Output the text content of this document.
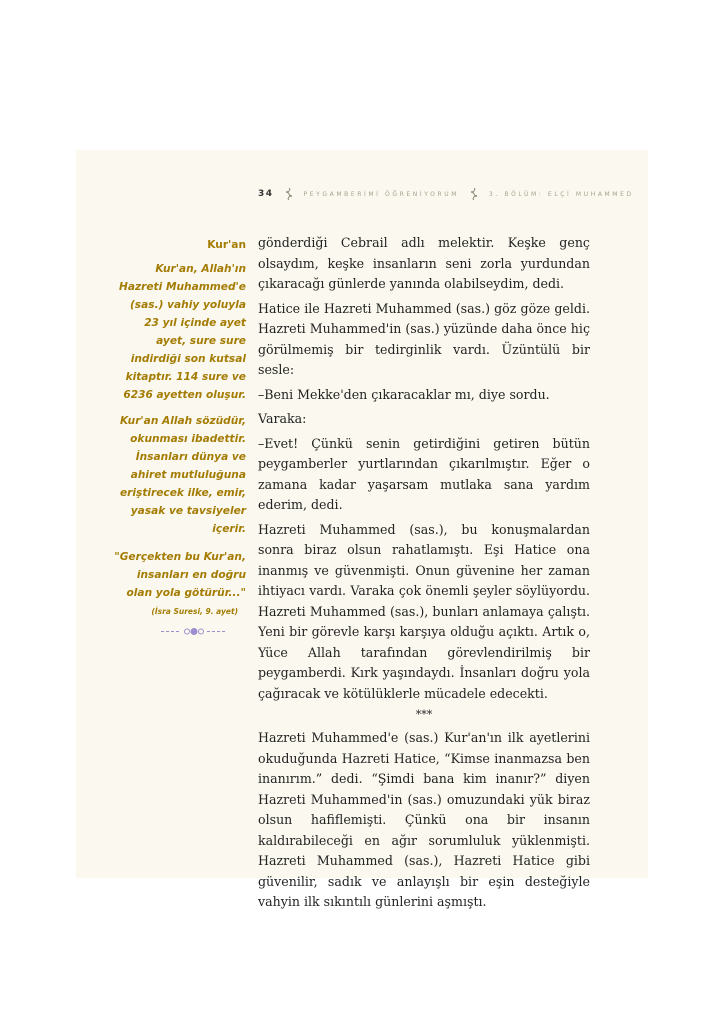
34	PEYGAMBERİMİ ÖĞRENİYORUM	3. BÖLÜM: ELÇİ MUHAMMED

Kur'an

Kur'an, Allah'ın Hazreti Muhammed'e (sas.) vahiy yoluyla 23 yıl içinde ayet ayet, sure sure indirdiği son kutsal kitaptır. 114 sure ve 6236 ayetten oluşur.

Kur'an Allah sözüdür, okunması ibadettir. İnsanları dünya ve ahiret mutluluğuna eriştirecek ilke, emir, yasak ve tavsiyeler içerir.

"Gerçekten bu Kur'an, insanları en doğru olan yola götürür..."

(İsra Suresi, 9. ayet)

gönderdiği Cebrail adlı melektir. Keşke genç olsaydım, keşke insanların seni zorla yurdundan çıkaracağı günlerde yanında olabilseydim, dedi.

Hatice ile Hazreti Muhammed (sas.) göz göze geldi. Hazreti Muhammed'in (sas.) yüzünde daha önce hiç görülmemiş bir tedirginlik vardı. Üzüntülü bir sesle:

–Beni Mekke'den çıkaracaklar mı, diye sordu.

Varaka:

–Evet! Çünkü senin getirdiğini getiren bütün peygamberler yurtlarından çıkarılmıştır. Eğer o zamana kadar yaşarsam mutlaka sana yardım ederim, dedi.

Hazreti Muhammed (sas.), bu konuşmalardan sonra biraz olsun rahatlamıştı. Eşi Hatice ona inanmış ve güvenmişti. Onun güvenine her zaman ihtiyacı vardı. Varaka çok önemli şeyler söylüyordu. Hazreti Muhammed (sas.), bunları anlamaya çalıştı. Yeni bir görevle karşı karşıya olduğu açıktı. Artık o, Yüce Allah tarafından görevlendirilmiş bir peygamberdi. Kırk yaşındaydı. İnsanları doğru yola çağıracak ve kötülüklerle mücadele edecekti.

***

Hazreti Muhammed'e (sas.) Kur'an'ın ilk ayetlerini okuduğunda Hazreti Hatice, “Kimse inanmazsa ben inanırım.” dedi. “Şimdi bana kim inanır?” diyen Hazreti Muhammed'in (sas.) omuzundaki yük biraz olsun hafiflemişti. Çünkü ona bir insanın kaldırabileceği en ağır sorumluluk yüklenmişti. Hazreti Muhammed (sas.), Hazreti Hatice gibi güvenilir, sadık ve anlayışlı bir eşin desteğiyle vahyin ilk sıkıntılı günlerini aşmıştı.
